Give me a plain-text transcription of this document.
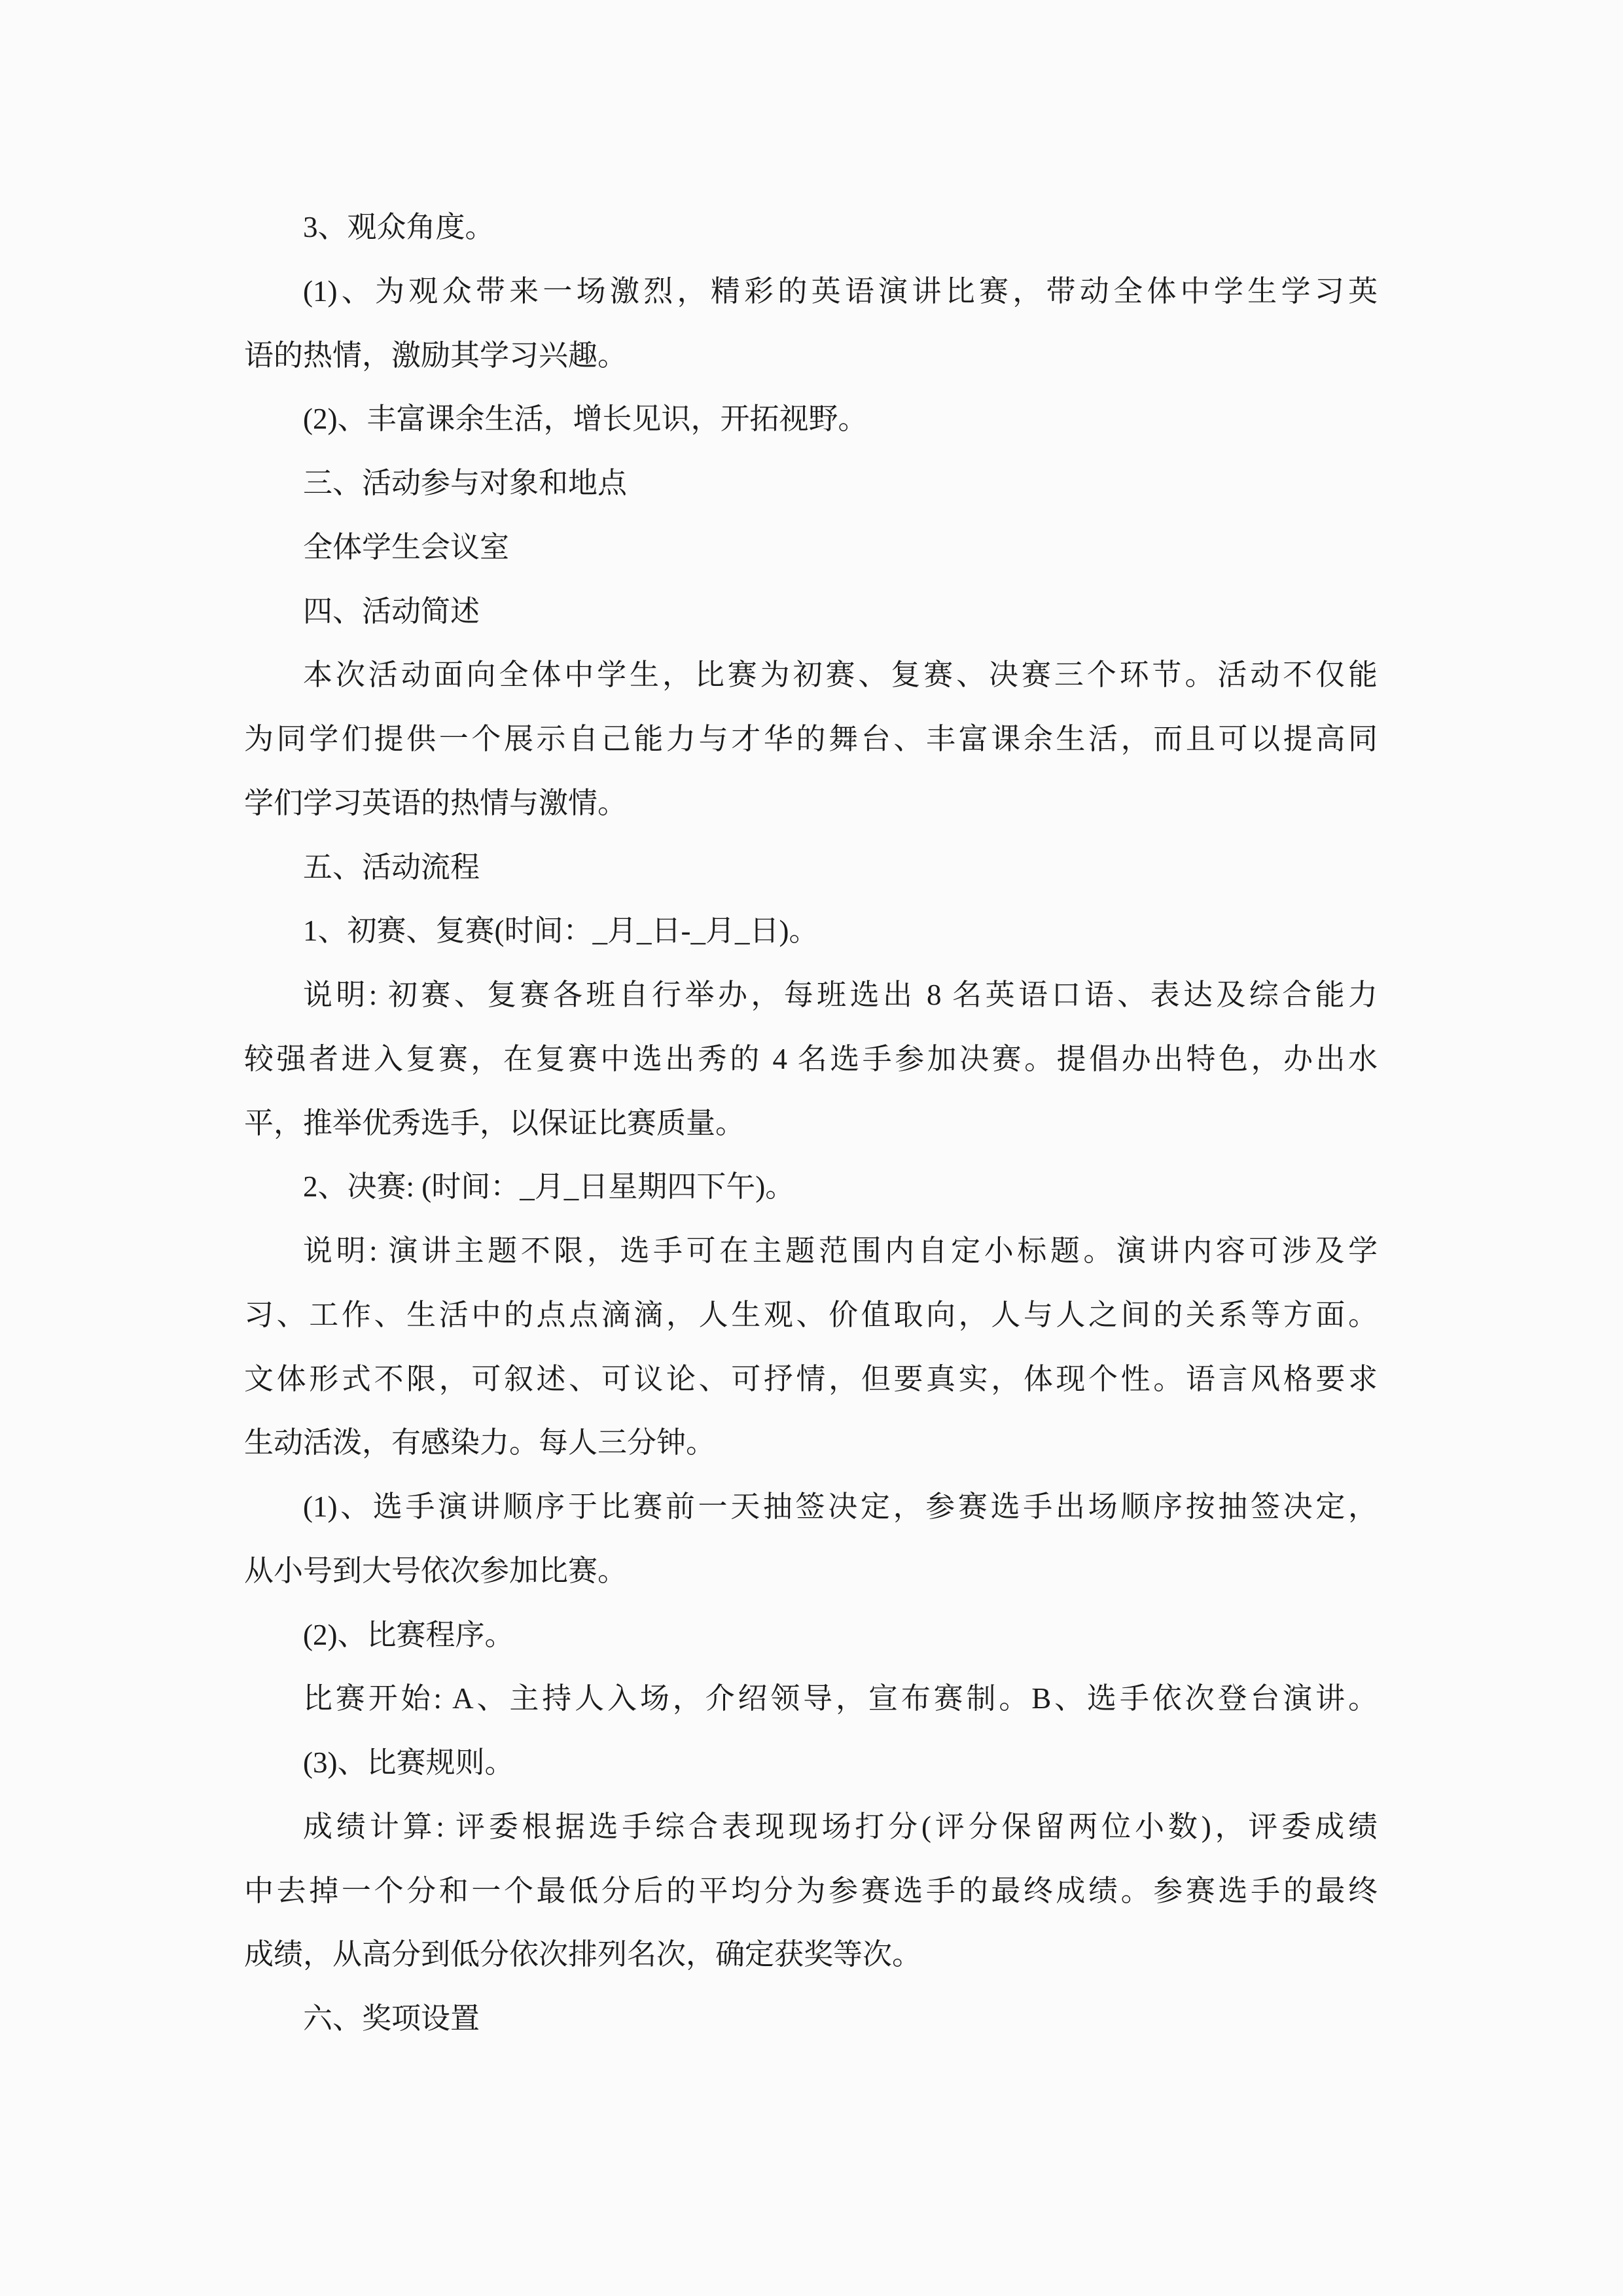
3、观众角度。

(1)、为观众带来一场激烈，精彩的英语演讲比赛，带动全体中学生学习英

语的热情，激励其学习兴趣。

(2)、丰富课余生活，增长见识，开拓视野。

三、活动参与对象和地点

全体学生会议室

四、活动简述

本次活动面向全体中学生，比赛为初赛、复赛、决赛三个环节。活动不仅能

为同学们提供一个展示自己能力与才华的舞台、丰富课余生活，而且可以提高同

学们学习英语的热情与激情。

五、活动流程

1、初赛、复赛(时间：_月_日-_月_日)。

说明: 初赛、复赛各班自行举办，每班选出 8 名英语口语、表达及综合能力

较强者进入复赛，在复赛中选出秀的 4 名选手参加决赛。提倡办出特色，办出水

平，推举优秀选手，以保证比赛质量。

2、决赛: (时间：_月_日星期四下午)。

说明: 演讲主题不限，选手可在主题范围内自定小标题。演讲内容可涉及学

习、工作、生活中的点点滴滴，人生观、价值取向，人与人之间的关系等方面。

文体形式不限，可叙述、可议论、可抒情，但要真实，体现个性。语言风格要求

生动活泼，有感染力。每人三分钟。

(1)、选手演讲顺序于比赛前一天抽签决定，参赛选手出场顺序按抽签决定，

从小号到大号依次参加比赛。

(2)、比赛程序。

比赛开始: A、主持人入场，介绍领导，宣布赛制。B、选手依次登台演讲。

(3)、比赛规则。

成绩计算: 评委根据选手综合表现现场打分(评分保留两位小数)，评委成绩

中去掉一个分和一个最低分后的平均分为参赛选手的最终成绩。参赛选手的最终

成绩，从高分到低分依次排列名次，确定获奖等次。

六、奖项设置
